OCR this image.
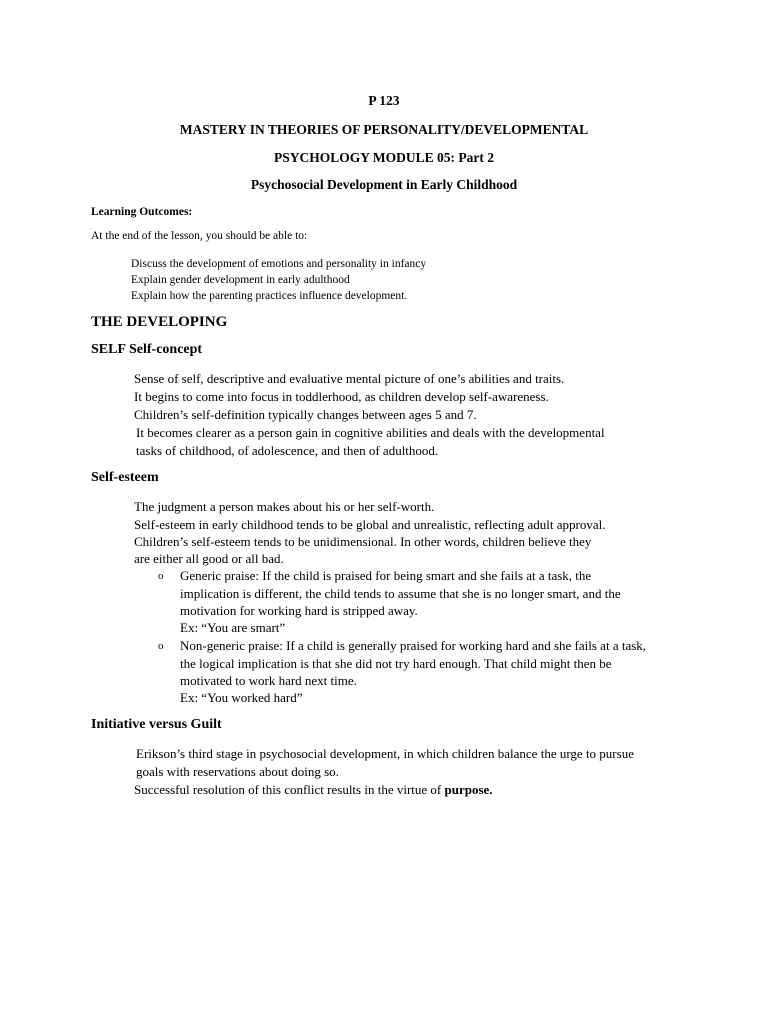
P 123
MASTERY IN THEORIES OF PERSONALITY/DEVELOPMENTAL
PSYCHOLOGY MODULE 05: Part 2
Psychosocial Development in Early Childhood
Learning Outcomes:
At the end of the lesson, you should be able to:
Discuss the development of emotions and personality in infancy
Explain gender development in early adulthood
Explain how the parenting practices influence development.
THE DEVELOPING
SELF Self-concept
Sense of self, descriptive and evaluative mental picture of one’s abilities and traits.
It begins to come into focus in toddlerhood, as children develop self-awareness.
Children’s self-definition typically changes between ages 5 and 7.
It becomes clearer as a person gain in cognitive abilities and deals with the developmental
tasks of childhood, of adolescence, and then of adulthood.
Self-esteem
The judgment a person makes about his or her self-worth.
Self-esteem in early childhood tends to be global and unrealistic, reflecting adult approval.
Children’s self-esteem tends to be unidimensional. In other words, children believe they
are either all good or all bad.
o Generic praise: If the child is praised for being smart and she fails at a task, the
implication is different, the child tends to assume that she is no longer smart, and the
motivation for working hard is stripped away.
Ex: “You are smart”
o Non-generic praise: If a child is generally praised for working hard and she fails at a task,
the logical implication is that she did not try hard enough. That child might then be
motivated to work hard next time.
Ex: “You worked hard”
Initiative versus Guilt
Erikson’s third stage in psychosocial development, in which children balance the urge to pursue
goals with reservations about doing so.
Successful resolution of this conflict results in the virtue of purpose.
